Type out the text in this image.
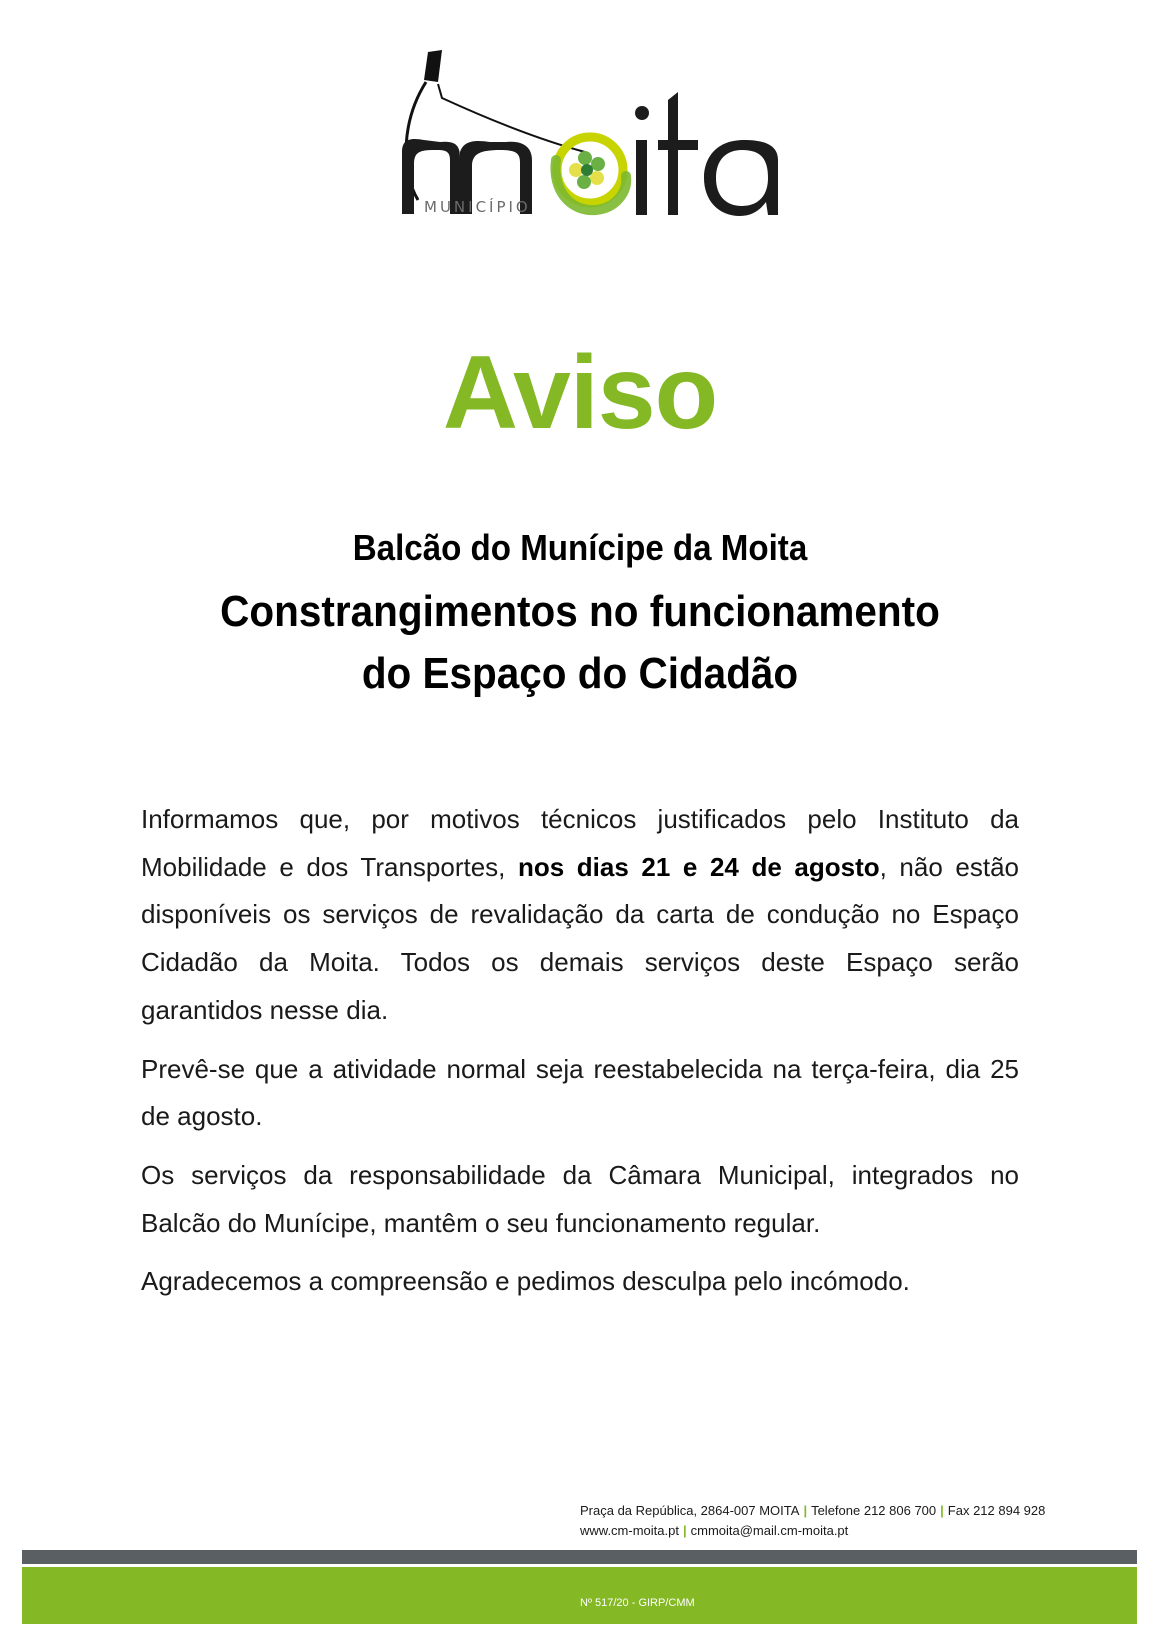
MUNICÍPIO
Aviso
Balcão do Munícipe da Moita
Constrangimentos no funcionamento
do Espaço do Cidadão

Informamos que, por motivos técnicos justificados pelo Instituto da Mobilidade e dos Transportes, nos dias 21 e 24 de agosto, não estão disponíveis os serviços de revalidação da carta de condução no Espaço Cidadão da Moita. Todos os demais serviços deste Espaço serão garantidos nesse dia.

Prevê-se que a atividade normal seja reestabelecida na terça-feira, dia 25 de agosto.

Os serviços da responsabilidade da Câmara Municipal, integrados no Balcão do Munícipe, mantêm o seu funcionamento regular.

Agradecemos a compreensão e pedimos desculpa pelo incómodo.

Praça da República, 2864-007 MOITA | Telefone 212 806 700 | Fax 212 894 928
www.cm-moita.pt | cmmoita@mail.cm-moita.pt
Nº 517/20 - GIRP/CMM
